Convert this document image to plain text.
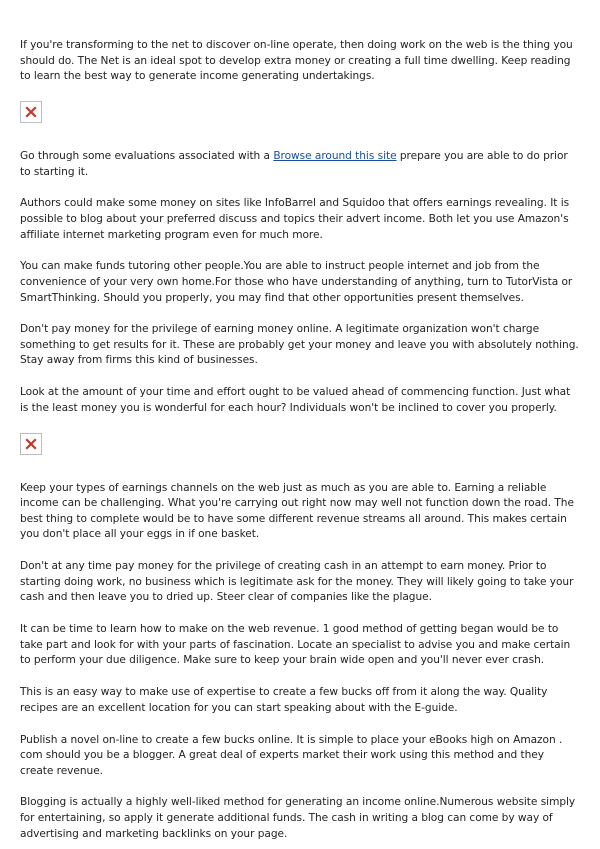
If you're transforming to the net to discover on-line operate, then doing work on the web is the thing you should do. The Net is an ideal spot to develop extra money or creating a full time dwelling. Keep reading to learn the best way to generate income generating undertakings.

Go through some evaluations associated with a Browse around this site prepare you are able to do prior to starting it.

Authors could make some money on sites like InfoBarrel and Squidoo that offers earnings revealing. It is possible to blog about your preferred discuss and topics their advert income. Both let you use Amazon's affiliate internet marketing program even for much more.

You can make funds tutoring other people.You are able to instruct people internet and job from the convenience of your very own home.For those who have understanding of anything, turn to TutorVista or SmartThinking. Should you properly, you may find that other opportunities present themselves.

Don't pay money for the privilege of earning money online. A legitimate organization won't charge something to get results for it. These are probably get your money and leave you with absolutely nothing. Stay away from firms this kind of businesses.

Look at the amount of your time and effort ought to be valued ahead of commencing function. Just what is the least money you is wonderful for each hour? Individuals won't be inclined to cover you properly.

Keep your types of earnings channels on the web just as much as you are able to. Earning a reliable income can be challenging. What you're carrying out right now may well not function down the road. The best thing to complete would be to have some different revenue streams all around. This makes certain you don't place all your eggs in if one basket.

Don't at any time pay money for the privilege of creating cash in an attempt to earn money. Prior to starting doing work, no business which is legitimate ask for the money. They will likely going to take your cash and then leave you to dried up. Steer clear of companies like the plague.

It can be time to learn how to make on the web revenue. 1 good method of getting began would be to take part and look for with your parts of fascination. Locate an specialist to advise you and make certain to perform your due diligence. Make sure to keep your brain wide open and you'll never ever crash.

This is an easy way to make use of expertise to create a few bucks off from it along the way. Quality recipes are an excellent location for you can start speaking about with the E-guide.

Publish a novel on-line to create a few bucks online. It is simple to place your eBooks high on Amazon . com should you be a blogger. A great deal of experts market their work using this method and they create revenue.

Blogging is actually a highly well-liked method for generating an income online.Numerous website simply for entertaining, so apply it generate additional funds. The cash in writing a blog can come by way of advertising and marketing backlinks on your page.
